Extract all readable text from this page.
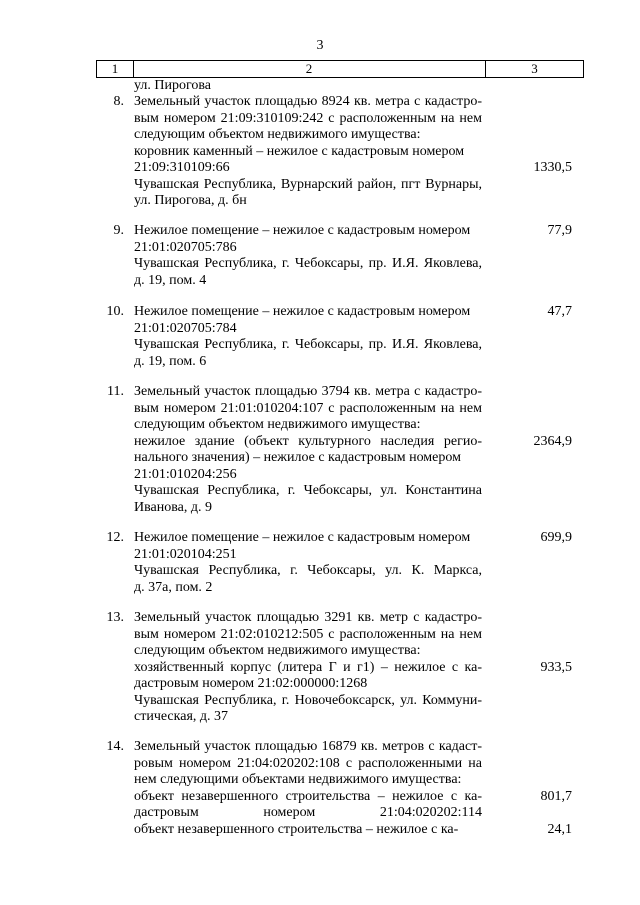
3
1	2	3
ул. Пирогова
8. Земельный участок площадью 8924 кв. метра с кадастро-
вым номером 21:09:310109:242 с расположенным на нем
следующим объектом недвижимого имущества:
коровник каменный – нежилое с кадастровым номером
21:09:310109:66
Чувашская Республика, Вурнарский район, пгт Вурнары,
ул. Пирогова, д. бн
1330,5
9. Нежилое помещение – нежилое с кадастровым номером
21:01:020705:786
Чувашская Республика, г. Чебоксары, пр. И.Я. Яковлева,
д. 19, пом. 4
77,9
10. Нежилое помещение – нежилое с кадастровым номером
21:01:020705:784
Чувашская Республика, г. Чебоксары, пр. И.Я. Яковлева,
д. 19, пом. 6
47,7
11. Земельный участок площадью 3794 кв. метра с кадастро-
вым номером 21:01:010204:107 с расположенным на нем
следующим объектом недвижимого имущества:
нежилое здание (объект культурного наследия регио-
нального значения) – нежилое с кадастровым номером
21:01:010204:256
Чувашская Республика, г. Чебоксары, ул. Константина
Иванова, д. 9
2364,9
12. Нежилое помещение – нежилое с кадастровым номером
21:01:020104:251
Чувашская Республика, г. Чебоксары, ул. К. Маркса,
д. 37а, пом. 2
699,9
13. Земельный участок площадью 3291 кв. метр с кадастро-
вым номером 21:02:010212:505 с расположенным на нем
следующим объектом недвижимого имущества:
хозяйственный корпус (литера Г и г1) – нежилое с ка-
дастровым номером 21:02:000000:1268
Чувашская Республика, г. Новочебоксарск, ул. Коммуни-
стическая, д. 37
933,5
14. Земельный участок площадью 16879 кв. метров с кадаст-
ровым номером 21:04:020202:108 с расположенными на
нем следующими объектами недвижимого имущества:
объект незавершенного строительства – нежилое с ка-
дастровым номером 21:04:020202:114
объект незавершенного строительства – нежилое с ка-
801,7
24,1
